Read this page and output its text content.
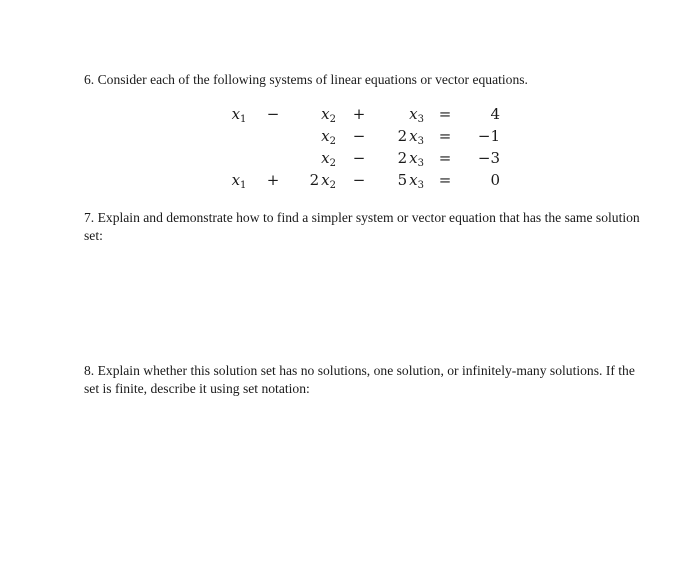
6. Consider each of the following systems of linear equations or vector equations.

$x_1$	−	$x_2$	+	$x_3$	=	4
		$x_2$	−	2 $x_3$	=	−1
		$x_2$	−	2 $x_3$	=	−3
$x_1$	+	2 $x_2$	−	5 $x_3$	=	0

7. Explain and demonstrate how to find a simpler system or vector equation that has the same solution set:

8. Explain whether this solution set has no solutions, one solution, or infinitely-many solutions. If the set is finite, describe it using set notation:
